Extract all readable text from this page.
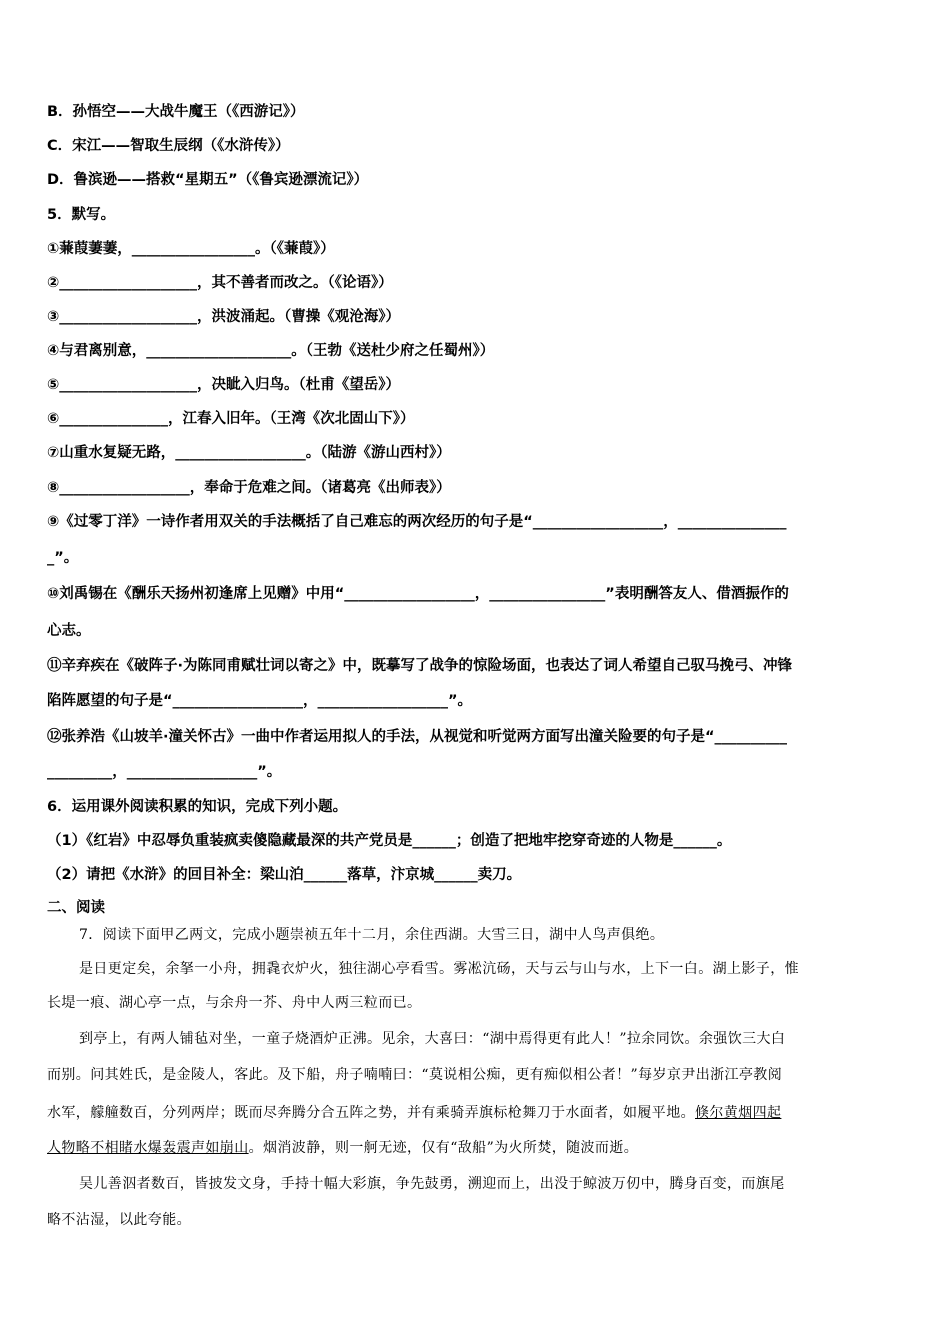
B．孙悟空——大战牛魔王（《西游记》）
C．宋江——智取生辰纲（《水浒传》）
D．鲁滨逊——搭救“星期五”（《鲁宾逊漂流记》）
5．默写。
①蒹葭萋萋，_________________。（《蒹葭》）
②___________________，其不善者而改之。（《论语》）
③___________________，洪波涌起。（曹操《观沧海》）
④与君离别意，____________________。（王勃《送杜少府之任蜀州》）
⑤___________________，决眦入归鸟。（杜甫《望岳》）
⑥_______________，江春入旧年。（王湾《次北固山下》）
⑦山重水复疑无路，__________________。（陆游《游山西村》）
⑧__________________，奉命于危难之间。（诸葛亮《出师表》）
⑨《过零丁洋》一诗作者用双关的手法概括了自己难忘的两次经历的句子是“__________________，_______________
_”。
⑩刘禹锡在《酬乐天扬州初逢席上见赠》中用“__________________，________________”表明酬答友人、借酒振作的
心志。
⑪辛弃疾在《破阵子·为陈同甫赋壮词以寄之》中，既摹写了战争的惊险场面，也表达了词人希望自己驭马挽弓、冲锋
陷阵愿望的句子是“__________________，__________________”。
⑫张养浩《山坡羊·潼关怀古》一曲中作者运用拟人的手法，从视觉和听觉两方面写出潼关险要的句子是“__________
_________，__________________”。
6．运用课外阅读积累的知识，完成下列小题。
（1）《红岩》中忍辱负重装疯卖傻隐藏最深的共产党员是______；创造了把地牢挖穿奇迹的人物是______。
（2）请把《水浒》的回目补全：梁山泊______落草，汴京城______卖刀。
二、阅读
7．阅读下面甲乙两文，完成小题崇祯五年十二月，余住西湖。大雪三日，湖中人鸟声俱绝。
是日更定矣，余拏一小舟，拥毳衣炉火，独往湖心亭看雪。雾凇沆砀，天与云与山与水，上下一白。湖上影子，惟
长堤一痕、湖心亭一点，与余舟一芥、舟中人两三粒而已。
到亭上，有两人铺毡对坐，一童子烧酒炉正沸。见余，大喜曰：“湖中焉得更有此人！”拉余同饮。余强饮三大白
而别。问其姓氏，是金陵人，客此。及下船，舟子喃喃曰：“莫说相公痴，更有痴似相公者！”每岁京尹出浙江亭教阅
水军，艨艟数百，分列两岸；既而尽奔腾分合五阵之势，并有乘骑弄旗标枪舞刀于水面者，如履平地。倏尔黄烟四起
人物略不相睹水爆轰震声如崩山。烟消波静，则一舸无迹，仅有“敌船”为火所焚，随波而逝。
吴儿善泅者数百，皆披发文身，手持十幅大彩旗，争先鼓勇，溯迎而上，出没于鲸波万仞中，腾身百变，而旗尾
略不沾湿，以此夸能。
